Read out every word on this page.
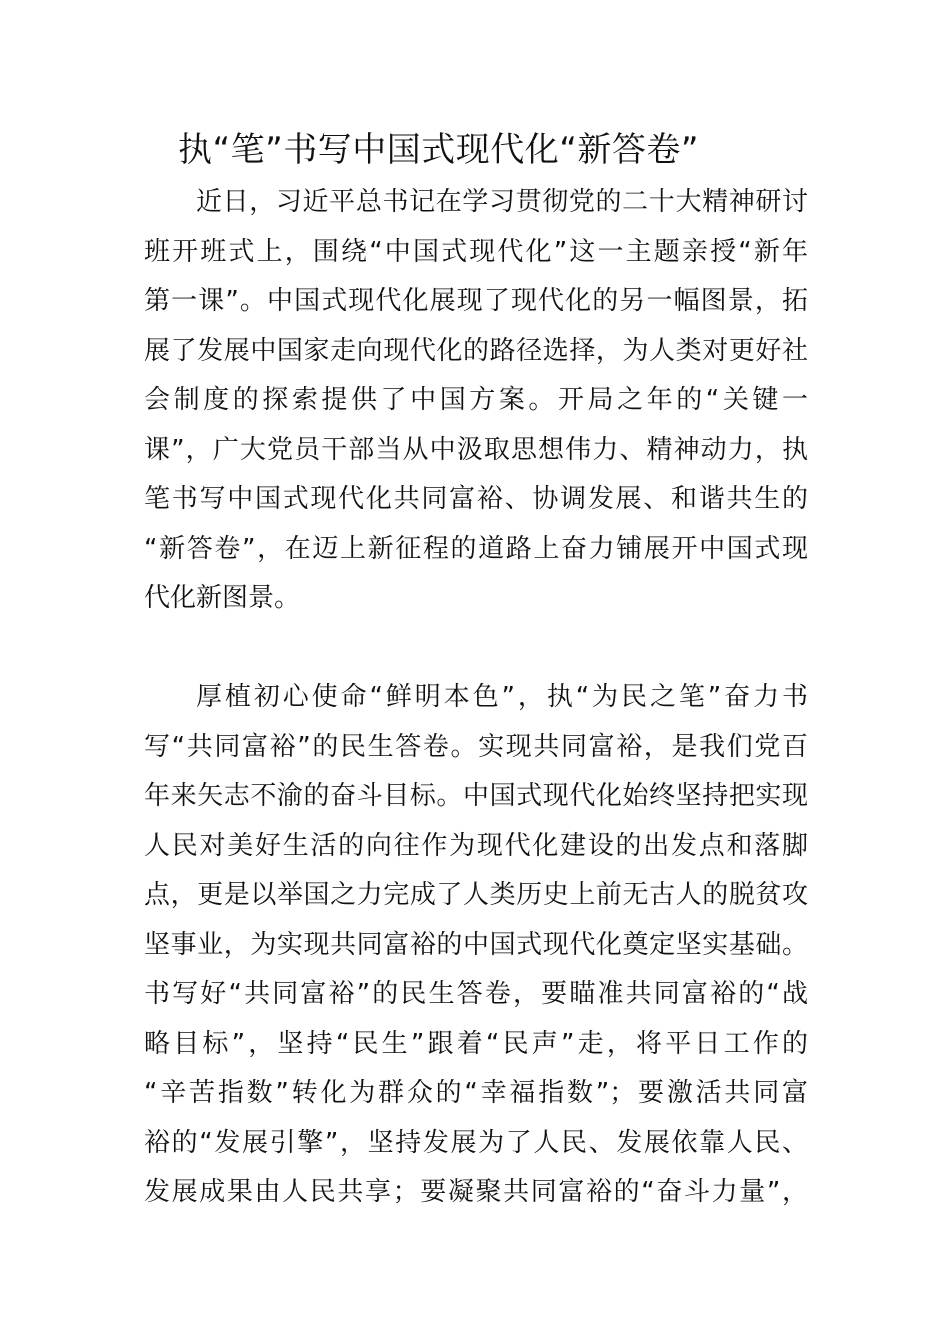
执“笔”书写中国式现代化“新答卷”
近日，习近平总书记在学习贯彻党的二十大精神研讨
班开班式上，围绕“中国式现代化”这一主题亲授“新年
第一课”。中国式现代化展现了现代化的另一幅图景，拓
展了发展中国家走向现代化的路径选择，为人类对更好社
会制度的探索提供了中国方案。开局之年的“关键一
课”，广大党员干部当从中汲取思想伟力、精神动力，执
笔书写中国式现代化共同富裕、协调发展、和谐共生的
“新答卷”，在迈上新征程的道路上奋力铺展开中国式现
代化新图景。
厚植初心使命“鲜明本色”，执“为民之笔”奋力书
写“共同富裕”的民生答卷。实现共同富裕，是我们党百
年来矢志不渝的奋斗目标。中国式现代化始终坚持把实现
人民对美好生活的向往作为现代化建设的出发点和落脚
点，更是以举国之力完成了人类历史上前无古人的脱贫攻
坚事业，为实现共同富裕的中国式现代化奠定坚实基础。
书写好“共同富裕”的民生答卷，要瞄准共同富裕的“战
略目标”，坚持“民生”跟着“民声”走，将平日工作的
“辛苦指数”转化为群众的“幸福指数”；要激活共同富
裕的“发展引擎”，坚持发展为了人民、发展依靠人民、
发展成果由人民共享；要凝聚共同富裕的“奋斗力量”，
